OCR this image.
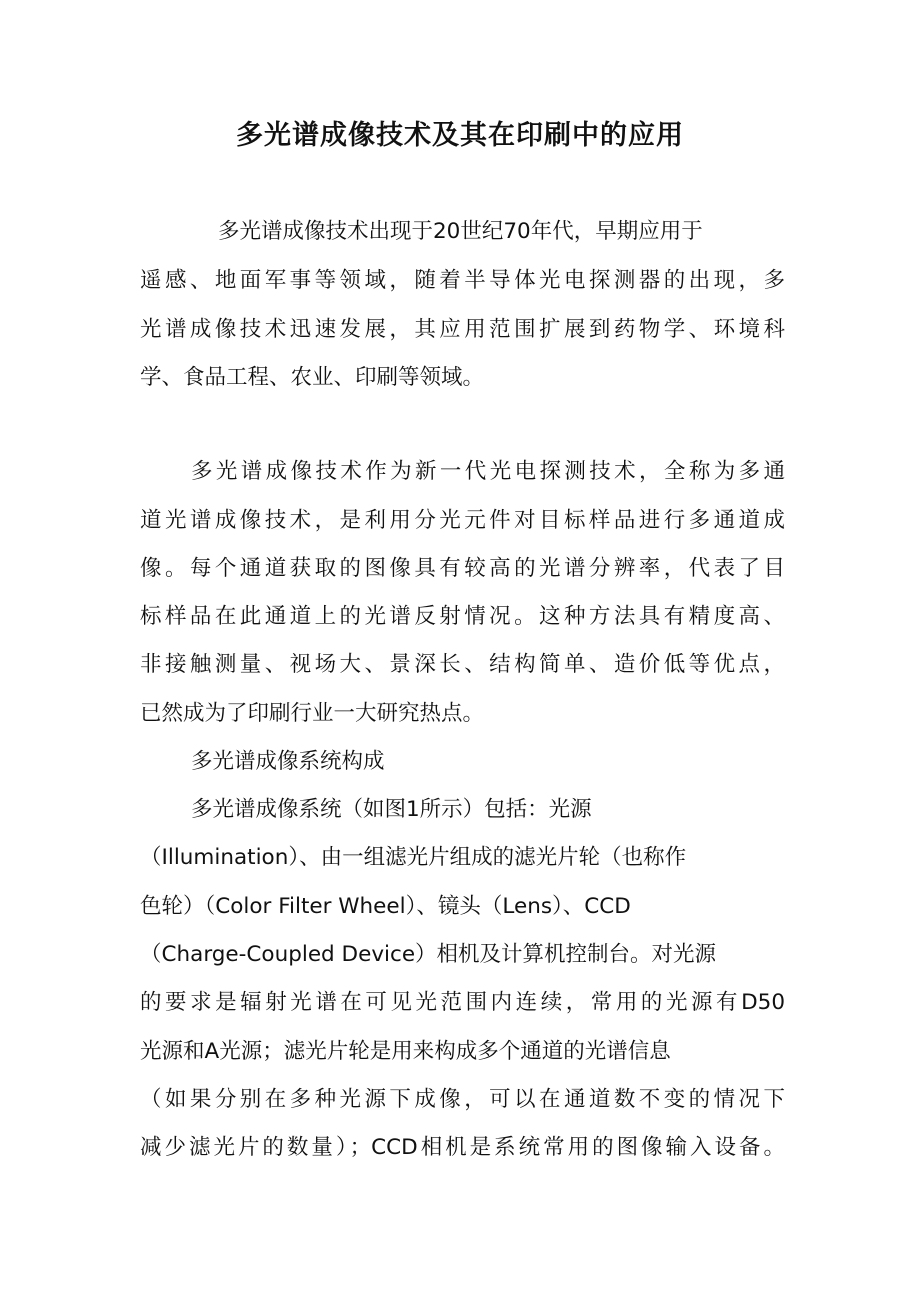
多光谱成像技术及其在印刷中的应用

多光谱成像技术出现于20世纪70年代，早期应用于

遥感、地面军事等领域，随着半导体光电探测器的出现，多

光谱成像技术迅速发展，其应用范围扩展到药物学、环境科

学、食品工程、农业、印刷等领域。

多光谱成像技术作为新一代光电探测技术，全称为多通

道光谱成像技术，是利用分光元件对目标样品进行多通道成

像。每个通道获取的图像具有较高的光谱分辨率，代表了目

标样品在此通道上的光谱反射情况。这种方法具有精度高、

非接触测量、视场大、景深长、结构简单、造价低等优点，

已然成为了印刷行业一大研究热点。

多光谱成像系统构成

多光谱成像系统（如图1所示）包括：光源

（Illumination）、由一组滤光片组成的滤光片轮（也称作

色轮）（Color Filter Wheel）、镜头（Lens）、CCD

（Charge-Coupled Device）相机及计算机控制台。对光源

的要求是辐射光谱在可见光范围内连续，常用的光源有D50

光源和A光源；滤光片轮是用来构成多个通道的光谱信息

（如果分别在多种光源下成像，可以在通道数不变的情况下

减少滤光片的数量）；CCD相机是系统常用的图像输入设备。
